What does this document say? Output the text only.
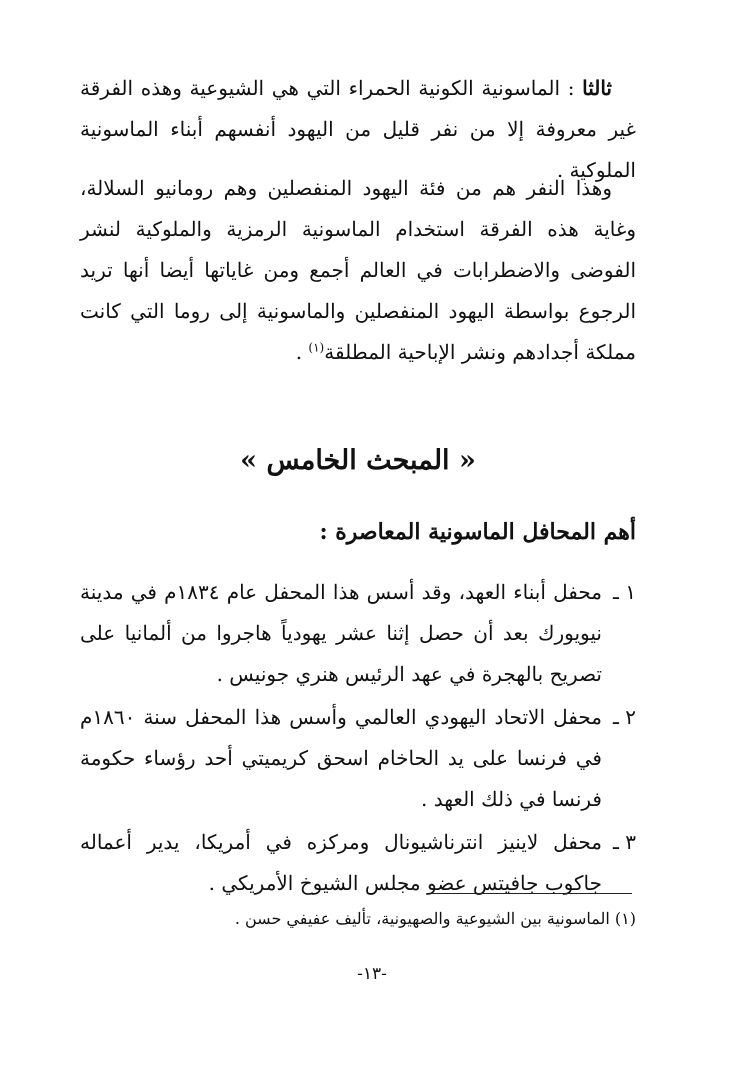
ثالثا : الماسونية الكونية الحمراء التي هي الشيوعية وهذه الفرقة غير معروفة إلا من نفر قليل من اليهود أنفسهم أبناء الماسونية الملوكية .
وهذا النفر هم من فئة اليهود المنفصلين وهم رومانيو السلالة، وغاية هذه الفرقة استخدام الماسونية الرمزية والملوكية لنشر الفوضى والاضطرابات في العالم أجمع ومن غاياتها أيضا أنها تريد الرجوع بواسطة اليهود المنفصلين والماسونية إلى روما التي كانت مملكة أجدادهم ونشر الإباحية المطلقة$^{(١)}$ .
« المبحث الخامس »
أهم المحافل الماسونية المعاصرة :
١ ـ
محفل أبناء العهد، وقد أسس هذا المحفل عام ١٨٣٤م في مدينة نيويورك بعد أن حصل إثنا عشر يهودياً هاجروا من ألمانيا على تصريح بالهجرة في عهد الرئيس هنري جونيس .
٢ ـ
محفل الاتحاد اليهودي العالمي وأسس هذا المحفل سنة ١٨٦٠م في فرنسا على يد الحاخام اسحق كريميتي أحد رؤساء حكومة فرنسا في ذلك العهد .
٣ ـ
محفل لاينيز انترناشيونال ومركزه في أمريكا، يدير أعماله جاكوب جافيتس عضو مجلس الشيوخ الأمريكي .
(١) الماسونية بين الشيوعية والصهيونية، تأليف عفيفي حسن .
-١٣-
